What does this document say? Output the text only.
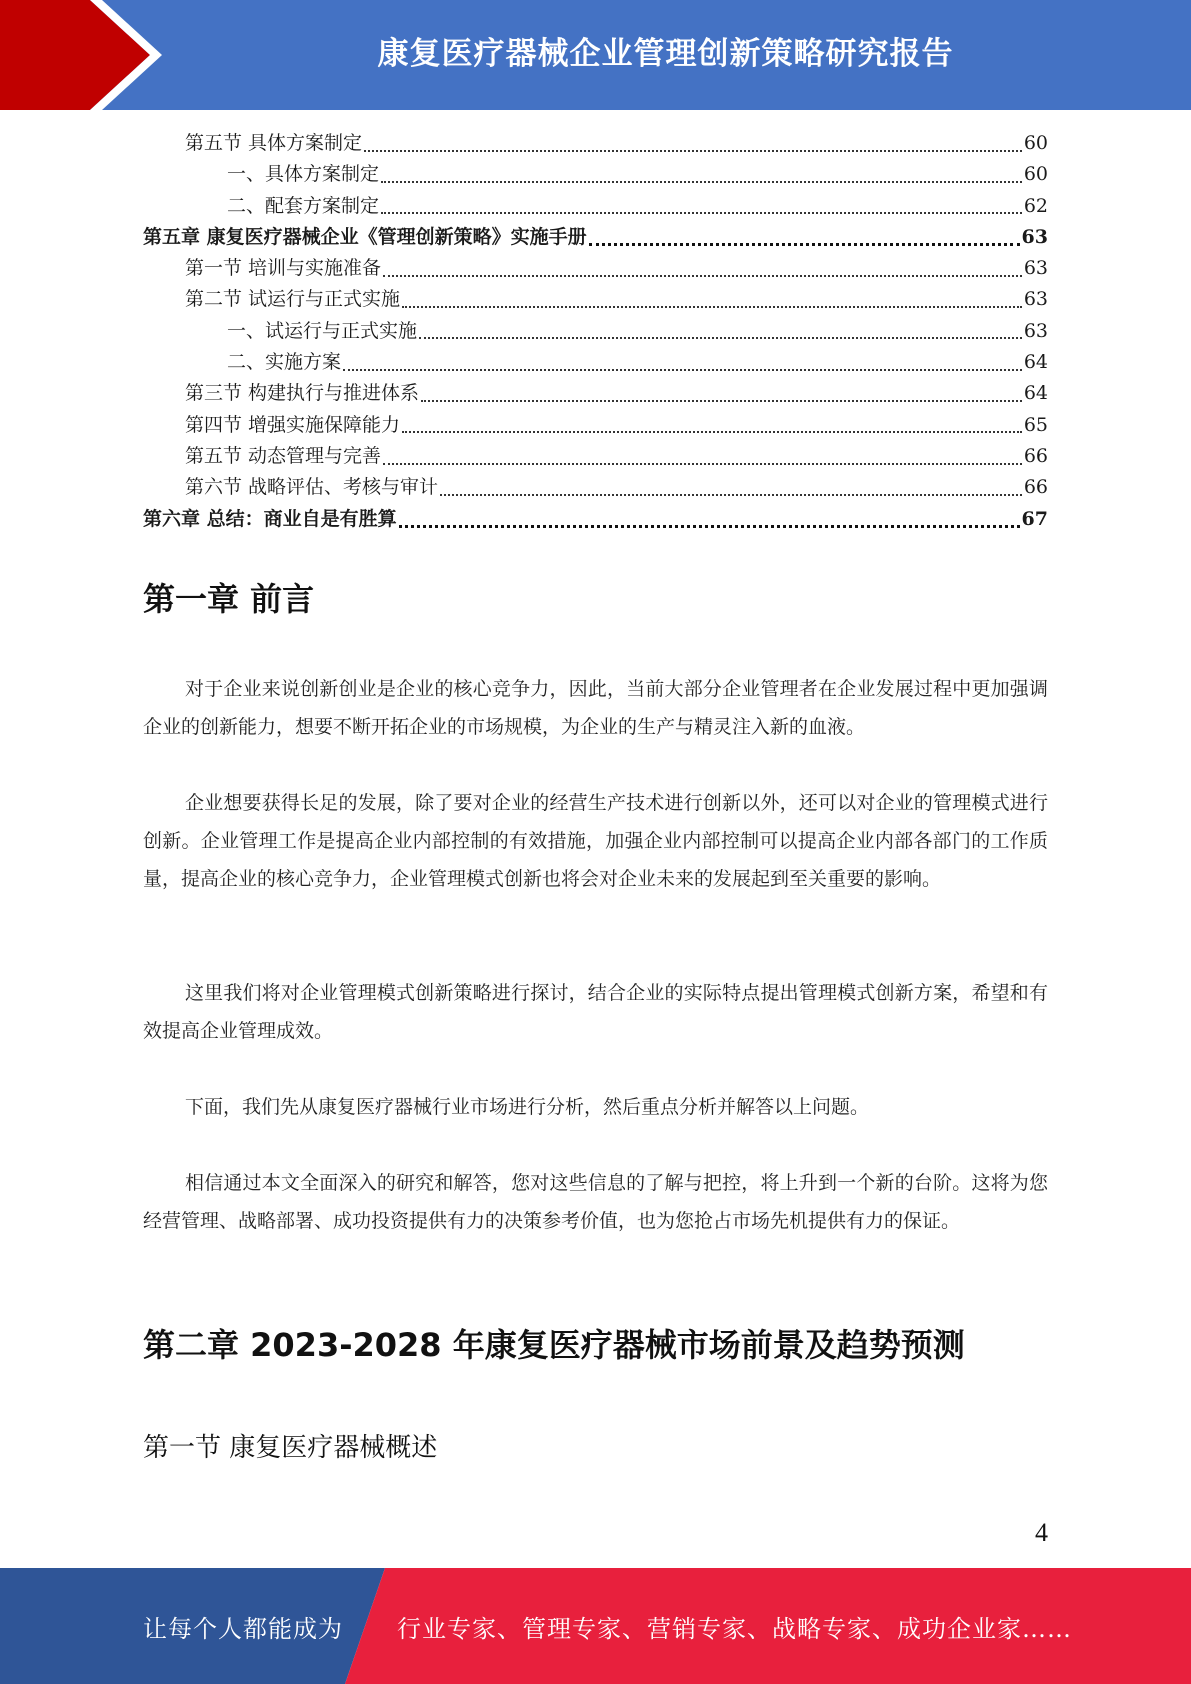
康复医疗器械企业管理创新策略研究报告
第五节 具体方案制定	60
一、具体方案制定	60
二、配套方案制定	62
第五章 康复医疗器械企业《管理创新策略》实施手册	63
第一节 培训与实施准备	63
第二节 试运行与正式实施	63
一、试运行与正式实施	63
二、实施方案	64
第三节 构建执行与推进体系	64
第四节 增强实施保障能力	65
第五节 动态管理与完善	66
第六节 战略评估、考核与审计	66
第六章 总结：商业自是有胜算	67
第一章 前言
对于企业来说创新创业是企业的核心竞争力，因此，当前大部分企业管理者在企业发展过程中更加强调企业的创新能力，想要不断开拓企业的市场规模，为企业的生产与精灵注入新的血液。
企业想要获得长足的发展，除了要对企业的经营生产技术进行创新以外，还可以对企业的管理模式进行创新。企业管理工作是提高企业内部控制的有效措施，加强企业内部控制可以提高企业内部各部门的工作质量，提高企业的核心竞争力，企业管理模式创新也将会对企业未来的发展起到至关重要的影响。
这里我们将对企业管理模式创新策略进行探讨，结合企业的实际特点提出管理模式创新方案，希望和有效提高企业管理成效。
下面，我们先从康复医疗器械行业市场进行分析，然后重点分析并解答以上问题。
相信通过本文全面深入的研究和解答，您对这些信息的了解与把控，将上升到一个新的台阶。这将为您经营管理、战略部署、成功投资提供有力的决策参考价值，也为您抢占市场先机提供有力的保证。
第二章 2023-2028 年康复医疗器械市场前景及趋势预测
第一节 康复医疗器械概述
4
让每个人都能成为 行业专家、管理专家、营销专家、战略专家、成功企业家……
